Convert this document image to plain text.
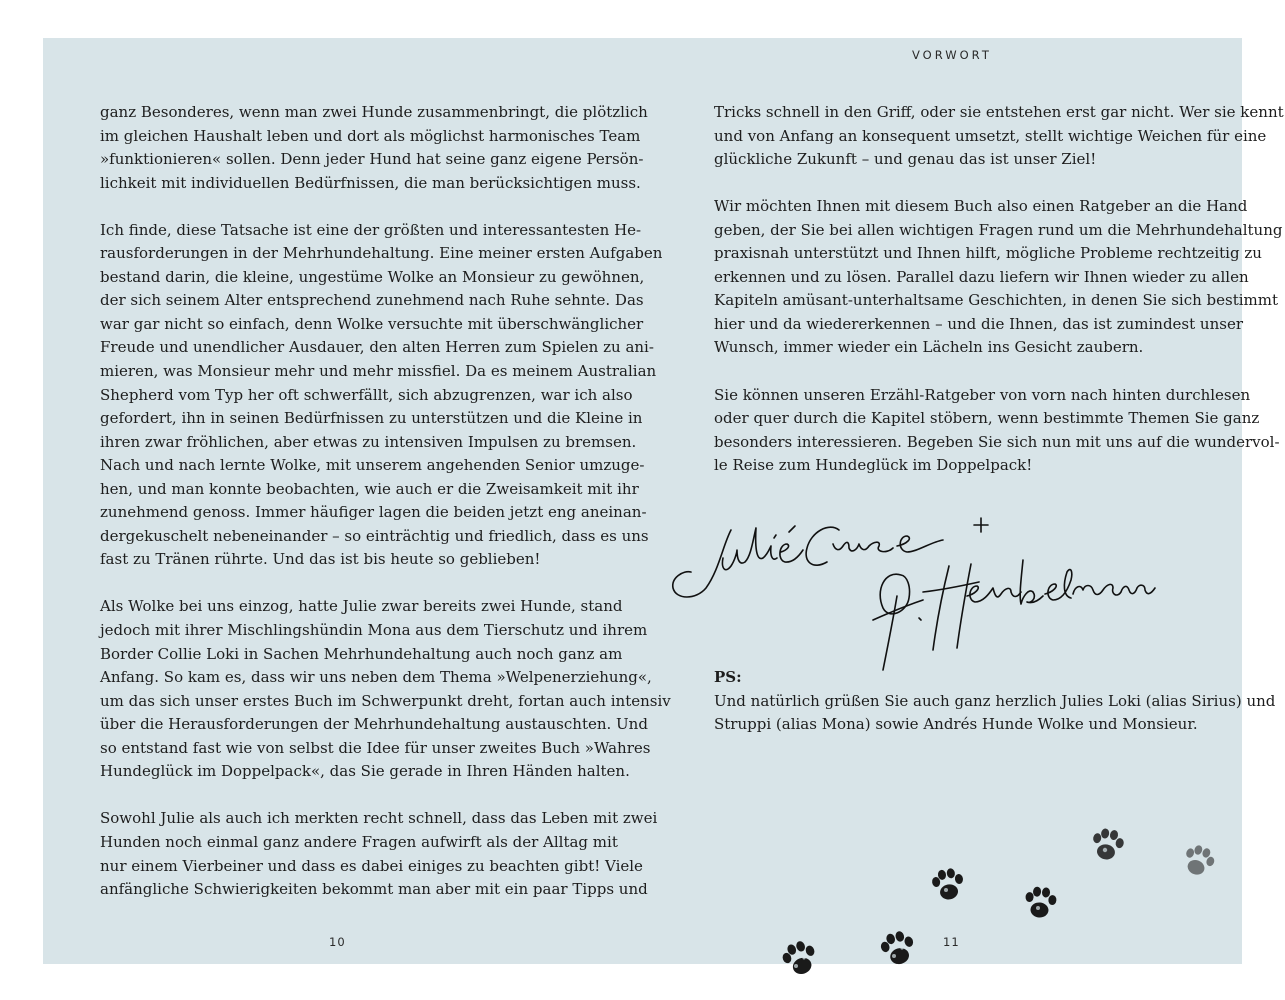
ganz Besonderes, wenn man zwei Hunde zusammenbringt, die plötzlich
im gleichen Haushalt leben und dort als möglichst harmonisches Team
»funktionieren« sollen. Denn jeder Hund hat seine ganz eigene Persön-
lichkeit mit individuellen Bedürfnissen, die man berücksichtigen muss.
Ich finde, diese Tatsache ist eine der größten und interessantesten He-
rausforderungen in der Mehrhundehaltung. Eine meiner ersten Aufgaben
bestand darin, die kleine, ungestüme Wolke an Monsieur zu gewöhnen,
der sich seinem Alter entsprechend zunehmend nach Ruhe sehnte. Das
war gar nicht so einfach, denn Wolke versuchte mit überschwänglicher
Freude und unendlicher Ausdauer, den alten Herren zum Spielen zu ani-
mieren, was Monsieur mehr und mehr missfiel. Da es meinem Australian
Shepherd vom Typ her oft schwerfällt, sich abzugrenzen, war ich also
gefordert, ihn in seinen Bedürfnissen zu unterstützen und die Kleine in
ihren zwar fröhlichen, aber etwas zu intensiven Impulsen zu bremsen.
Nach und nach lernte Wolke, mit unserem angehenden Senior umzuge-
hen, und man konnte beobachten, wie auch er die Zweisamkeit mit ihr
zunehmend genoss. Immer häufiger lagen die beiden jetzt eng aneinan-
dergekuschelt nebeneinander – so einträchtig und friedlich, dass es uns
fast zu Tränen rührte. Und das ist bis heute so geblieben!
Als Wolke bei uns einzog, hatte Julie zwar bereits zwei Hunde, stand
jedoch mit ihrer Mischlingshündin Mona aus dem Tierschutz und ihrem
Border Collie Loki in Sachen Mehrhundehaltung auch noch ganz am
Anfang. So kam es, dass wir uns neben dem Thema »Welpenerziehung«,
um das sich unser erstes Buch im Schwerpunkt dreht, fortan auch intensiv
über die Herausforderungen der Mehrhundehaltung austauschten. Und
so entstand fast wie von selbst die Idee für unser zweites Buch »Wahres
Hundeglück im Doppelpack«, das Sie gerade in Ihren Händen halten.
Sowohl Julie als auch ich merkten recht schnell, dass das Leben mit zwei
Hunden noch einmal ganz andere Fragen aufwirft als der Alltag mit
nur einem Vierbeiner und dass es dabei einiges zu beachten gibt! Viele
anfängliche Schwierigkeiten bekommt man aber mit ein paar Tipps und
10
VORWORT
Tricks schnell in den Griff, oder sie entstehen erst gar nicht. Wer sie kennt
und von Anfang an konsequent umsetzt, stellt wichtige Weichen für eine
glückliche Zukunft – und genau das ist unser Ziel!
Wir möchten Ihnen mit diesem Buch also einen Ratgeber an die Hand
geben, der Sie bei allen wichtigen Fragen rund um die Mehrhundehaltung
praxisnah unterstützt und Ihnen hilft, mögliche Probleme rechtzeitig zu
erkennen und zu lösen. Parallel dazu liefern wir Ihnen wieder zu allen
Kapiteln amüsant-unterhaltsame Geschichten, in denen Sie sich bestimmt
hier und da wiedererkennen – und die Ihnen, das ist zumindest unser
Wunsch, immer wieder ein Lächeln ins Gesicht zaubern.
Sie können unseren Erzähl-Ratgeber von vorn nach hinten durchlesen
oder quer durch die Kapitel stöbern, wenn bestimmte Themen Sie ganz
besonders interessieren. Begeben Sie sich nun mit uns auf die wundervol-
le Reise zum Hundeglück im Doppelpack!
PS:
Und natürlich grüßen Sie auch ganz herzlich Julies Loki (alias Sirius) und
Struppi (alias Mona) sowie Andrés Hunde Wolke und Monsieur.
11
